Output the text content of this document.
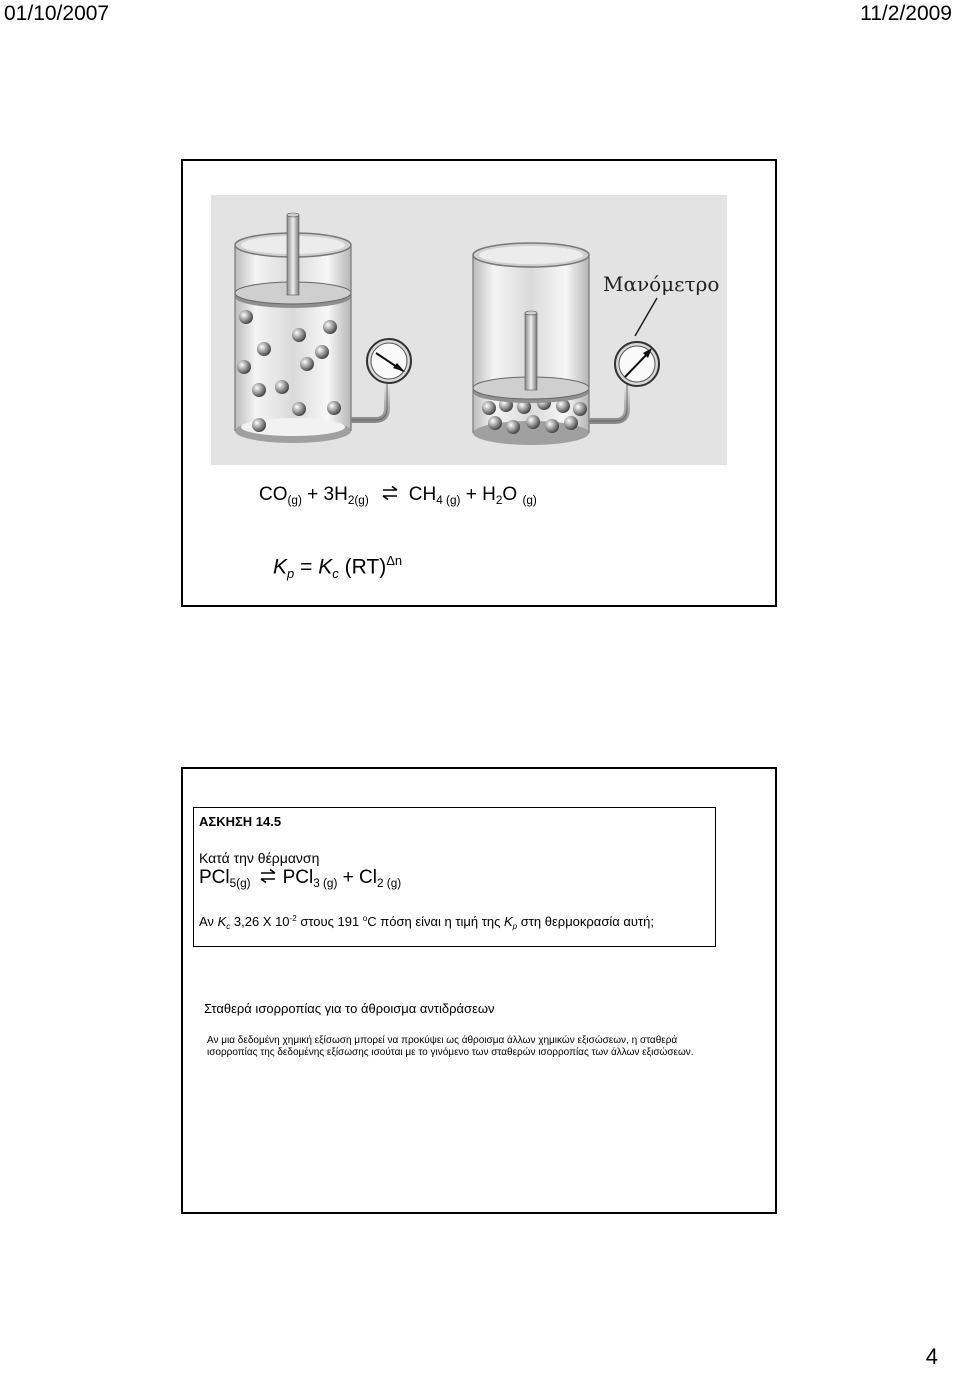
01/10/2007	11/2/2009
Μανόμετρο
$CO_{(g)} + 3H_{2(g)}$ ⇌ $CH_{4 (g)} + H_2O$ $_{(g)}$
$K_p = K_c$ (RT)$^{\Delta n}$
ΑΣΚΗΣΗ 14.5
Κατά την θέρμανση
PCl$_{5(g)}$ ⇌ $PCl_{3 (g)} + Cl_{2 (g)}$
Αν $K_c$ 3,26 X $10^{-2}$ στους 191 $^o$C πόση είναι η τιμή της $K_p$ στη θερμοκρασία αυτή;
Σταθερά ισορροπίας για το άθροισμα αντιδράσεων
Αν μια δεδομένη χημική εξίσωση μπορεί να προκύψει ως άθροισμα άλλων χημικών εξισώσεων, η σταθερά ισορροπίας της δεδομένης εξίσωσης ισούται με το γινόμενο των σταθερών ισορροπίας των άλλων εξισώσεων.
4
